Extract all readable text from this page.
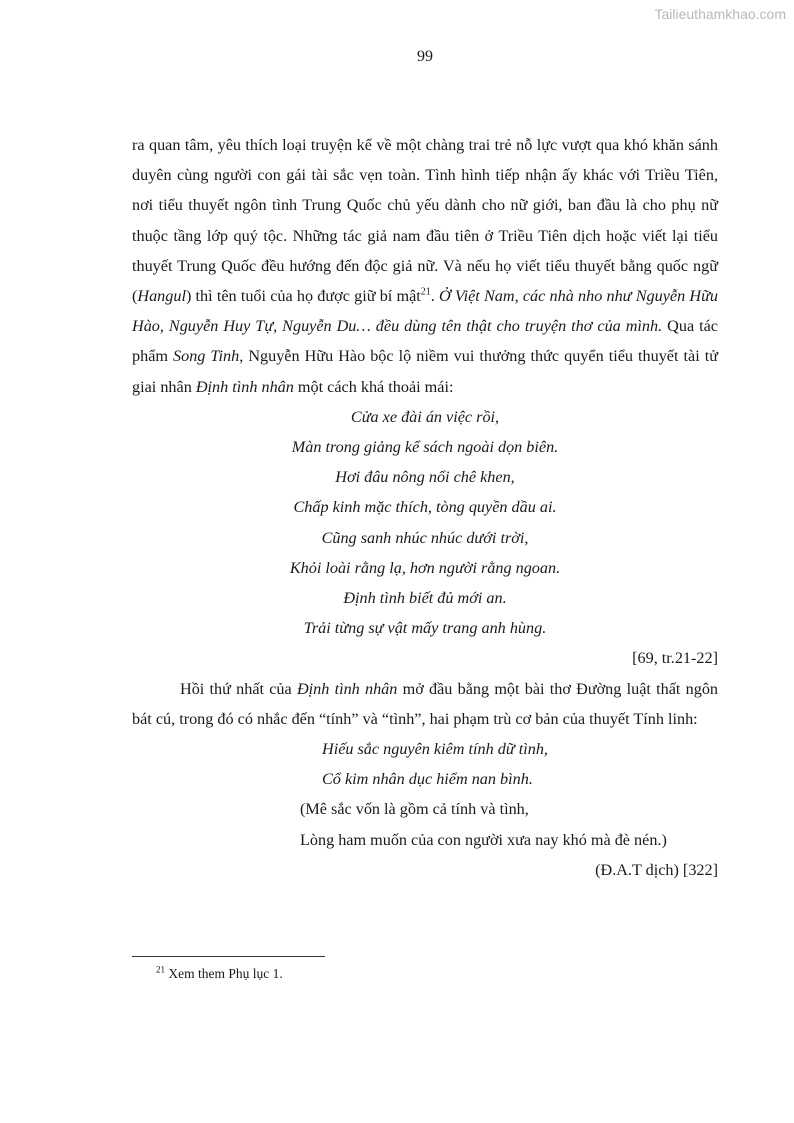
Tailieuthamkhao.com
99

ra quan tâm, yêu thích loại truyện kể về một chàng trai trẻ nỗ lực vượt qua khó khăn sánh duyên cùng người con gái tài sắc vẹn toàn. Tình hình tiếp nhận ấy khác với Triều Tiên, nơi tiểu thuyết ngôn tình Trung Quốc chủ yếu dành cho nữ giới, ban đầu là cho phụ nữ thuộc tầng lớp quý tộc. Những tác giả nam đầu tiên ở Triều Tiên dịch hoặc viết lại tiểu thuyết Trung Quốc đều hướng đến độc giả nữ. Và nếu họ viết tiểu thuyết bằng quốc ngữ (Hangul) thì tên tuổi của họ được giữ bí mật$^{21}$. Ở Việt Nam, các nhà nho như Nguyễn Hữu Hào, Nguyễn Huy Tự, Nguyễn Du… đều dùng tên thật cho truyện thơ của mình. Qua tác phẩm Song Tinh, Nguyễn Hữu Hào bộc lộ niềm vui thưởng thức quyển tiểu thuyết tài tử giai nhân Định tình nhân một cách khá thoải mái:

Cửa xe đài án việc rồi,
Màn trong giảng kể sách ngoài dọn biên.
Hơi đâu nông nổi chê khen,
Chấp kinh mặc thích, tòng quyền dầu ai.
Cũng sanh nhúc nhúc dưới trời,
Khỏi loài rằng lạ, hơn người rằng ngoan.
Định tình biết đủ mới an.
Trải từng sự vật mấy trang anh hùng.

[69, tr.21-22]

Hồi thứ nhất của Định tình nhân mở đầu bằng một bài thơ Đường luật thất ngôn bát cú, trong đó có nhắc đến “tính” và “tình”, hai phạm trù cơ bản của thuyết Tính linh:

Hiếu sắc nguyên kiêm tính dữ tình,
Cổ kim nhân dục hiểm nan bình.
(Mê sắc vốn là gồm cả tính và tình,
Lòng ham muốn của con người xưa nay khó mà đè nén.)

(Đ.A.T dịch) [322]

$^{21}$ Xem them Phụ lục 1.
